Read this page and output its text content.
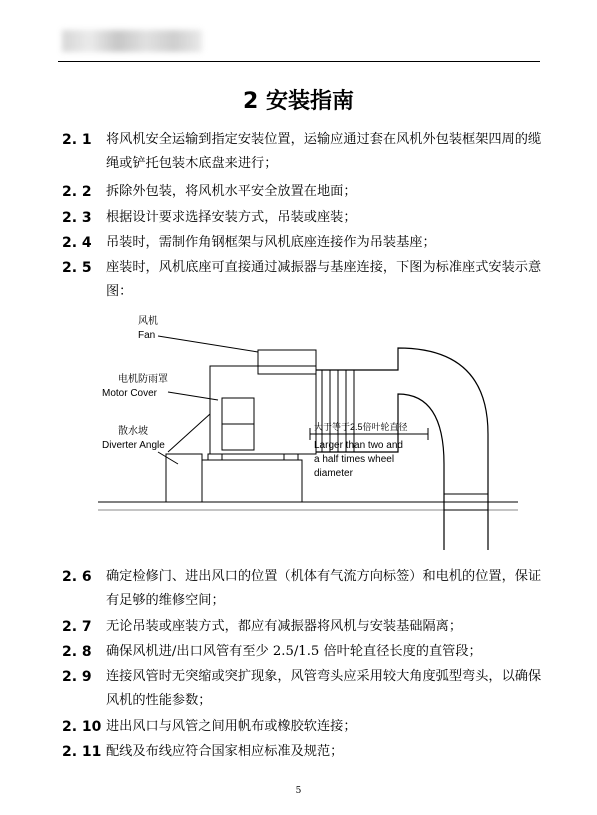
2 安装指南
2. 1 将风机安全运输到指定安装位置，运输应通过套在风机外包装框架四周的缆绳或铲托包装木底盘来进行；
2. 2 拆除外包装，将风机水平安全放置在地面；
2. 3 根据设计要求选择安装方式，吊装或座装；
2. 4 吊装时，需制作角钢框架与风机底座连接作为吊装基座；
2. 5 座装时，风机底座可直接通过减振器与基座连接，下图为标准座式安装示意图：
风机
Fan
电机防雨罩
Motor Cover
散水坡
Diverter Angle
大于等于2.5倍叶轮直径
Larger than two and
a half times wheel
diameter
2. 6 确定检修门、进出风口的位置（机体有气流方向标签）和电机的位置，保证有足够的维修空间；
2. 7 无论吊装或座装方式，都应有减振器将风机与安装基础隔离；
2. 8 确保风机进/出口风管有至少 2.5/1.5 倍叶轮直径长度的直管段；
2. 9 连接风管时无突缩或突扩现象，风管弯头应采用较大角度弧型弯头，以确保风机的性能参数；
2. 10 进出风口与风管之间用帆布或橡胶软连接；
2. 11 配线及布线应符合国家相应标准及规范；
5
